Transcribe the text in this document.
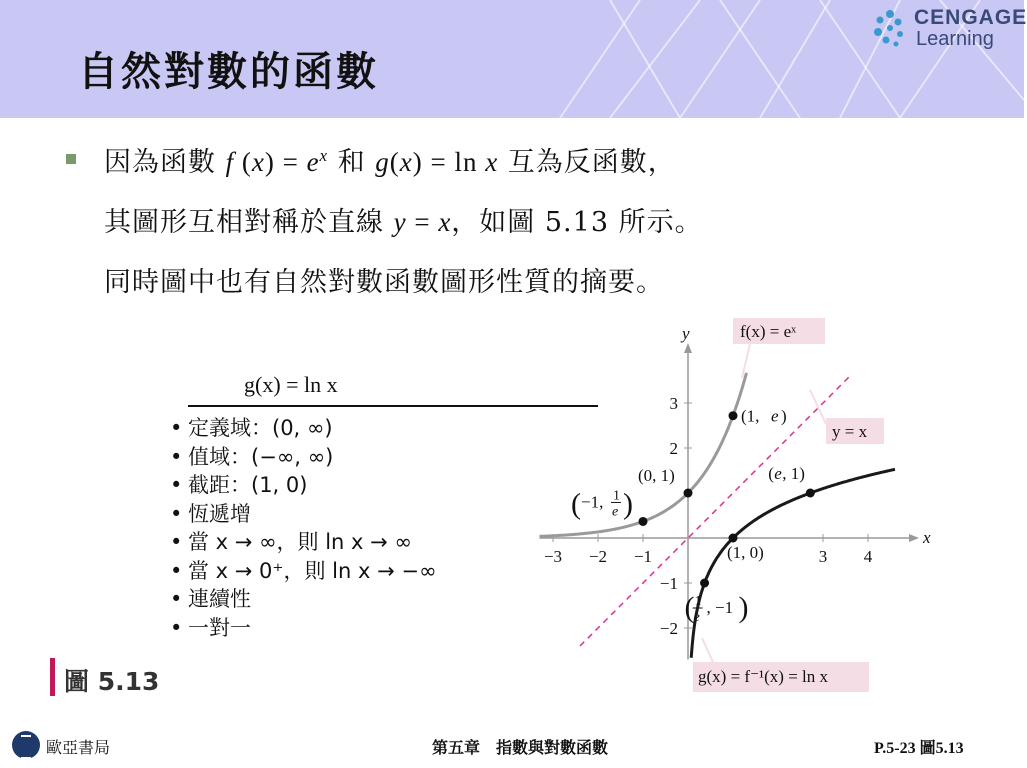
自然對數的函數
CENGAGE
Learning
因為函數 f $(x) = e^x$ 和 g(x) = ln x 互為反函數，
其圖形互相對稱於直線 y = x，如圖 5.13 所示。
同時圖中也有自然對數函數圖形性質的摘要。
g(x) = ln x
• 定義域：(0, ∞)
• 值域：(−∞, ∞)
• 截距：(1, 0)
• 恆遞增
• 當 x → ∞，則 ln x → ∞
• 當 x → 0⁺，則 ln x → −∞
• 連續性
• 一對一
x
y
−3 −2 −1	3 4
−2
−1
2
3
(0, 1)
(1, e )
( e , 1)
(1, 0)
( −1, 1
e )
( 1
e
, −1 )
f(x) = eˣ
y = x
g(x) = f⁻¹(x) = ln x
圖 5.13
歐亞書局	第五章　指數與對數函數	P.5-23 圖5.13
